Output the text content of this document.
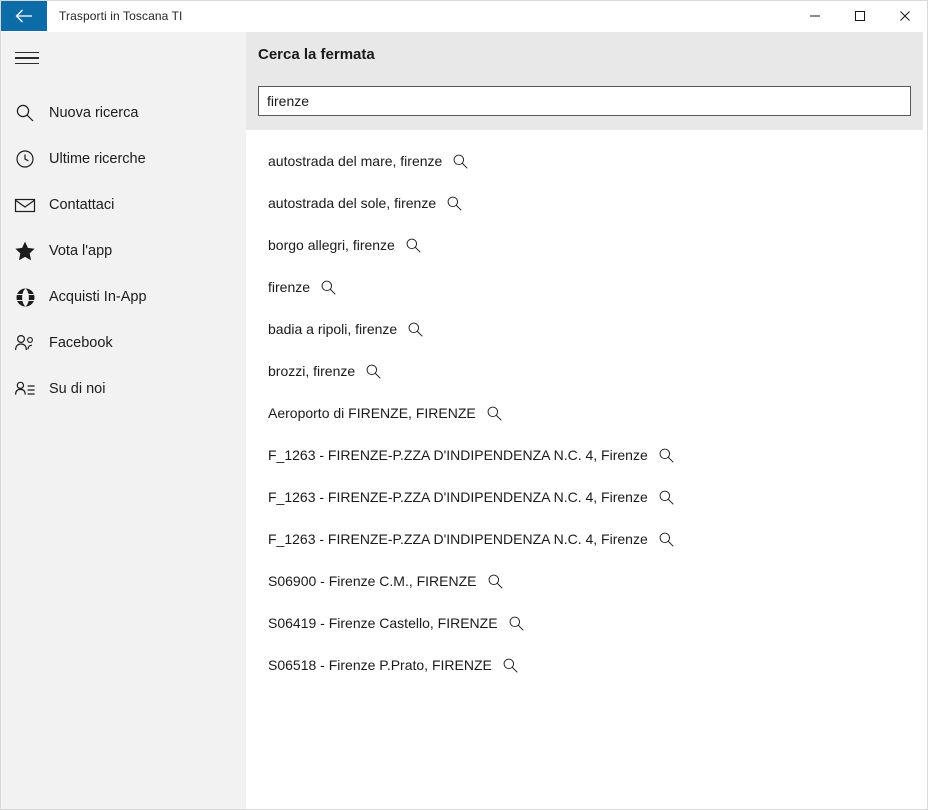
Trasporti in Toscana TI
Nuova ricerca
Ultime ricerche
Contattaci
Vota l'app
Acquisti In-App
Facebook
Su di noi
Cerca la fermata
firenze
autostrada del mare, firenze
autostrada del sole, firenze
borgo allegri, firenze
firenze
badia a ripoli, firenze
brozzi, firenze
Aeroporto di FIRENZE, FIRENZE
F_1263 - FIRENZE-P.ZZA D'INDIPENDENZA N.C. 4, Firenze
F_1263 - FIRENZE-P.ZZA D'INDIPENDENZA N.C. 4, Firenze
F_1263 - FIRENZE-P.ZZA D'INDIPENDENZA N.C. 4, Firenze
S06900 - Firenze C.M., FIRENZE
S06419 - Firenze Castello, FIRENZE
S06518 - Firenze P.Prato, FIRENZE
